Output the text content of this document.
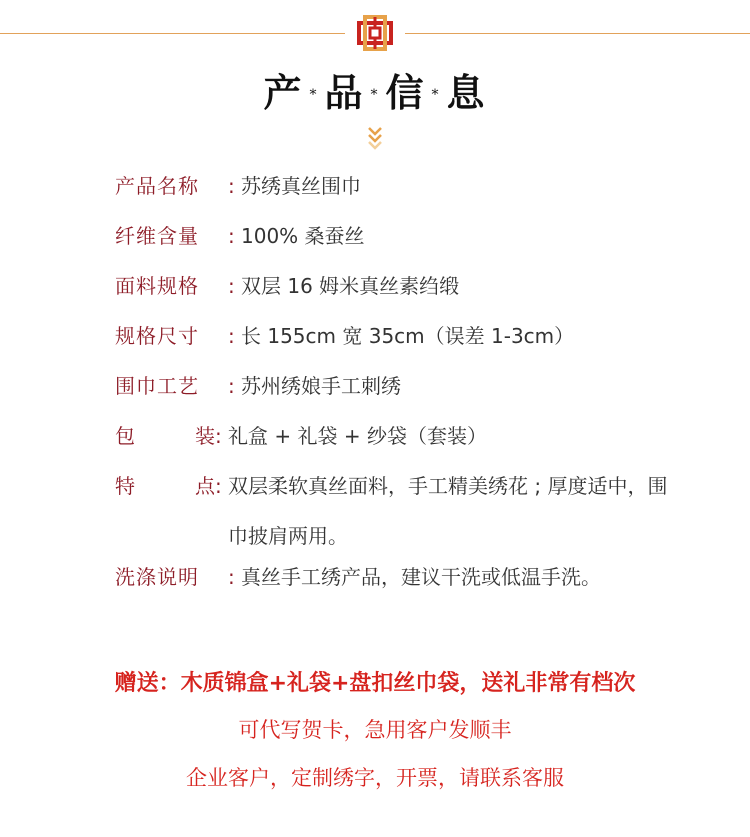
产 * 品 * 信 * 息
产品名称	: 苏绣真丝围巾
纤维含量	: 100% 桑蚕丝
面料规格	: 双层 16 姆米真丝素绉缎
规格尺寸	: 长 155cm 宽 35cm（误差 1-3cm）
围巾工艺	: 苏州绣娘手工刺绣
包	装 : 礼盒 + 礼袋 + 纱袋（套装）
特	点 : 双层柔软真丝面料，手工精美绣花 ; 厚度适中，围巾披肩两用。
洗涤说明	: 真丝手工绣产品，建议干洗或低温手洗。
赠送：木质锦盒+礼袋+盘扣丝巾袋，送礼非常有档次
可代写贺卡，急用客户发顺丰
企业客户，定制绣字，开票，请联系客服
